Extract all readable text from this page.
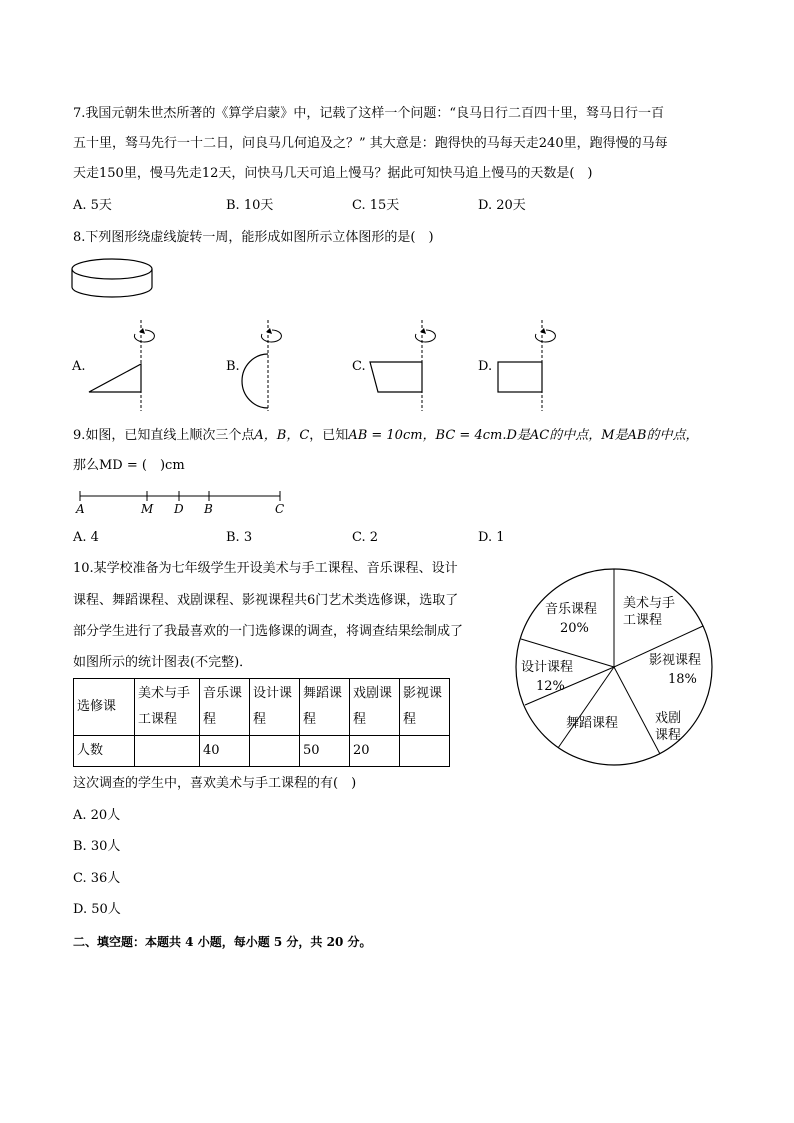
7.我国元朝朱世杰所著的《算学启蒙》中，记载了这样一个问题：“良马日行二百四十里，驽马日行一百
五十里，驽马先行一十二日，问良马几何追及之？” 其大意是：跑得快的马每天走240里，跑得慢的马每
天走150里，慢马先走12天，问快马几天可追上慢马？据此可知快马追上慢马的天数是(　)
A. 5天	B. 10天	C. 15天	D. 20天
8.下列图形绕虚线旋转一周，能形成如图所示立体图形的是(　)
A.	B.	C.	D.
9.如图，已知直线上顺次三个点A，B，C，已知AB = 10cm，BC = 4cm.D是AC的中点，M是AB的中点，
那么MD = (　)cm
A	M D B	C
A. 4	B. 3	C. 2	D. 1
10.某学校准备为七年级学生开设美术与手工课程、音乐课程、设计
课程、舞蹈课程、戏剧课程、影视课程共6门艺术类选修课，选取了
部分学生进行了我最喜欢的一门选修课的调查，将调查结果绘制成了
如图所示的统计图表(不完整)．
选修课	美术与手工课程	音乐课程	设计课程	舞蹈课程	戏剧课程	影视课程
人数		40		50	20	
美术与手
工课程
音乐课程
20%
影视课程
18%
设计课程
12%
舞蹈课程	戏剧
课程
这次调查的学生中，喜欢美术与手工课程的有(　)
A. 20人
B. 30人
C. 36人
D. 50人
二、填空题：本题共 4 小题，每小题 5 分，共 20 分。
